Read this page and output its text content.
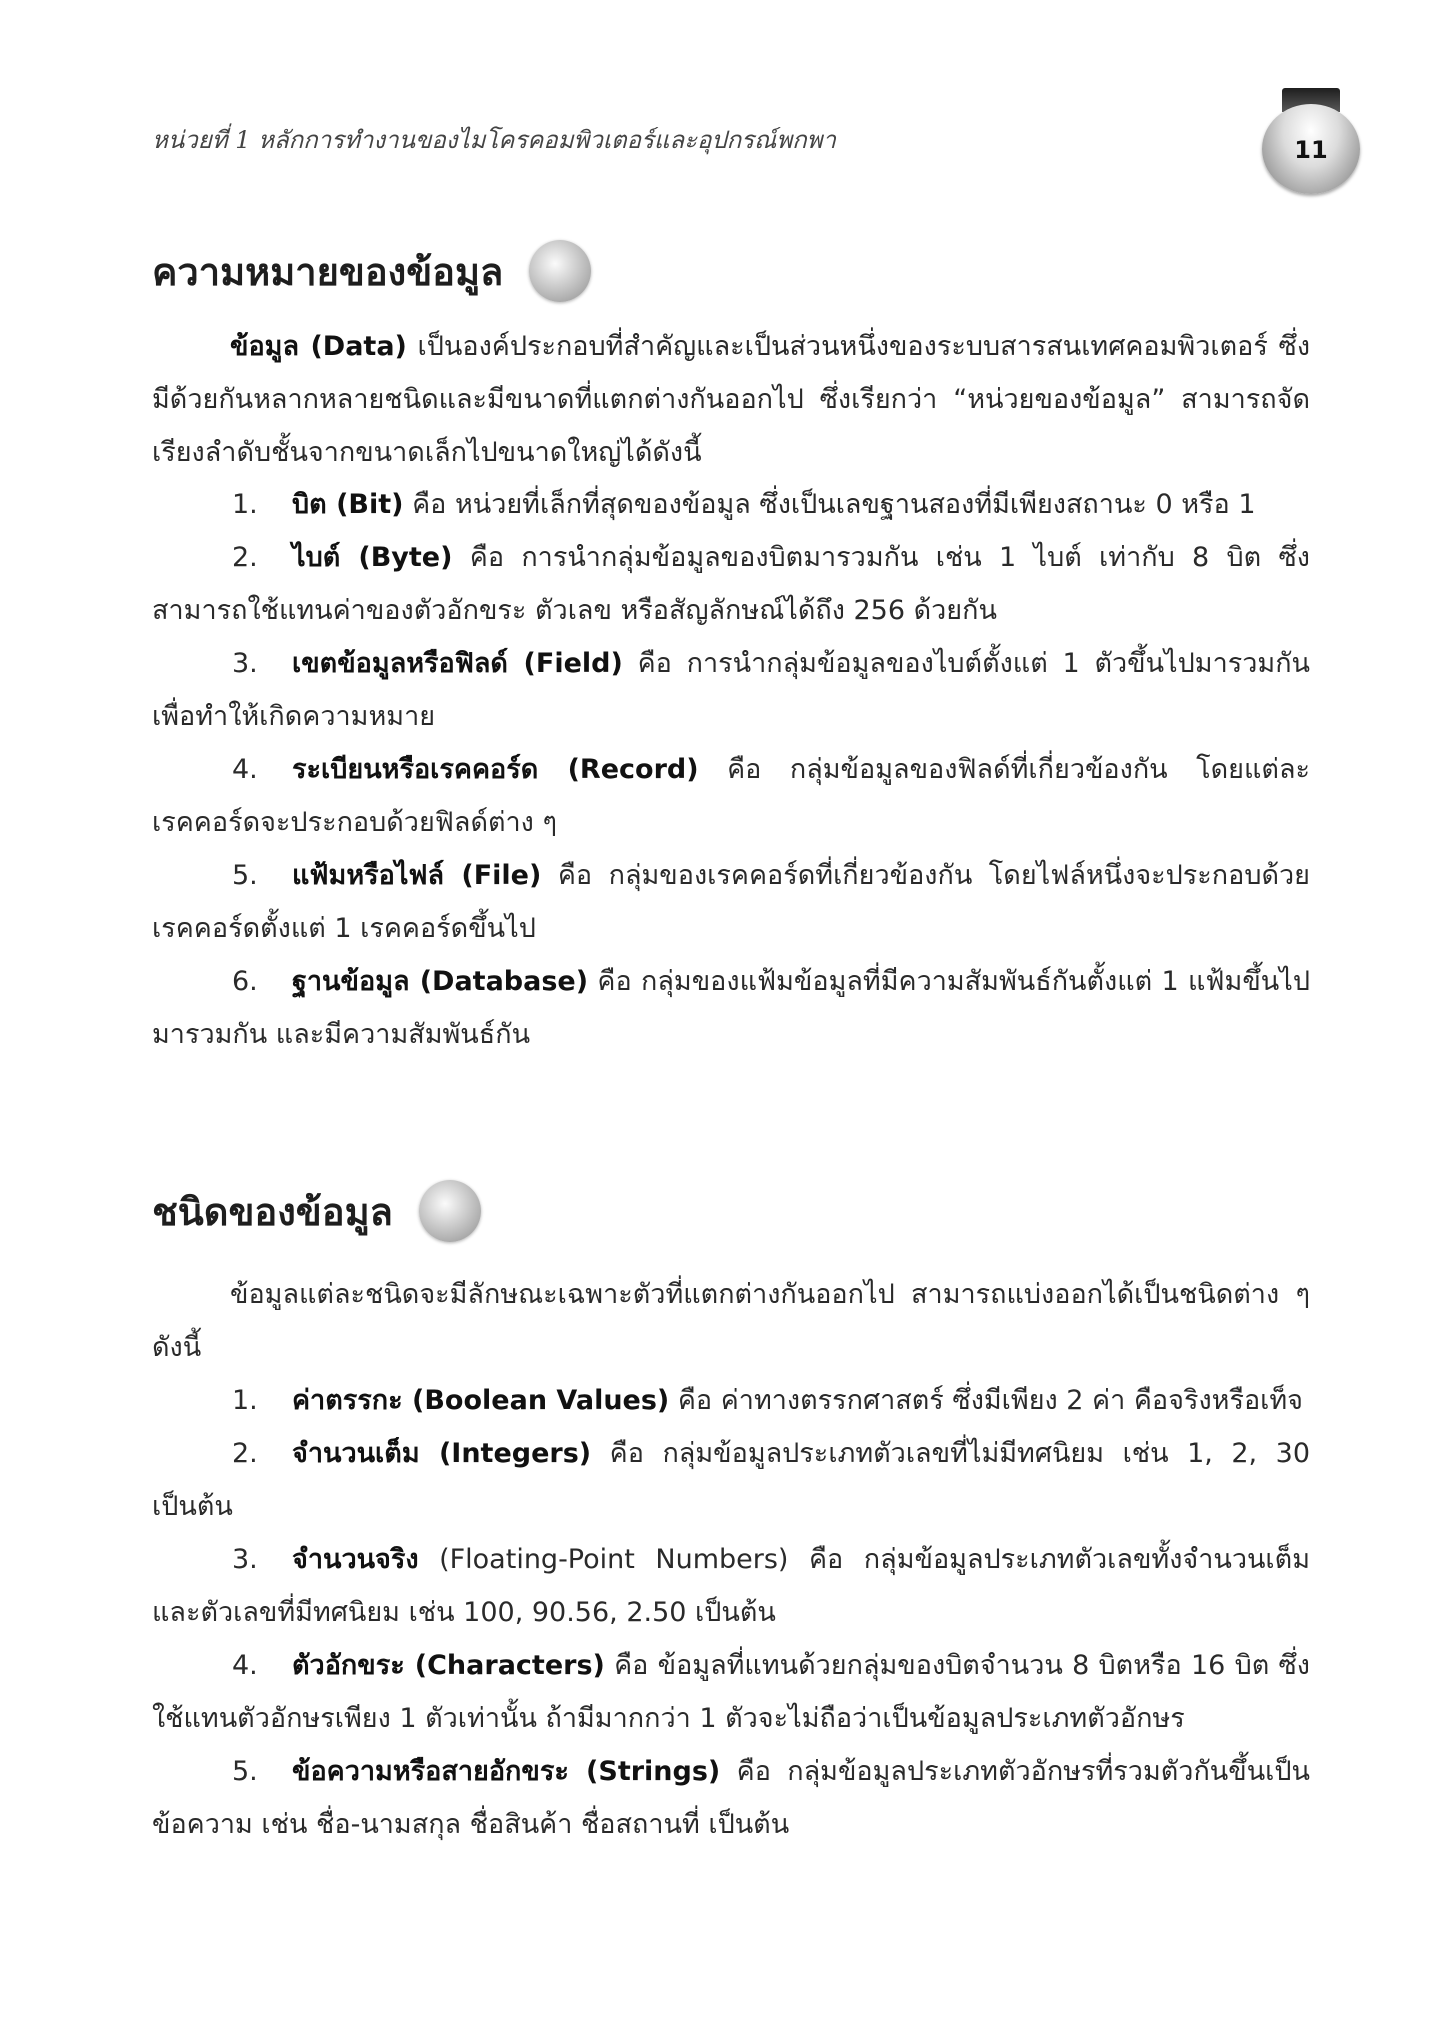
หน่วยที่ 1 หลักการทำงานของไมโครคอมพิวเตอร์และอุปกรณ์พกพา	11
ความหมายของข้อมูล

ข้อมูล (Data) เป็นองค์ประกอบที่สำคัญและเป็นส่วนหนึ่งของระบบสารสนเทศคอมพิวเตอร์ ซึ่งมีด้วยกันหลากหลายชนิดและมีขนาดที่แตกต่างกันออกไป ซึ่งเรียกว่า “หน่วยของข้อมูล” สามารถจัดเรียงลำดับชั้นจากขนาดเล็กไปขนาดใหญ่ได้ดังนี้

1. บิต (Bit) คือ หน่วยที่เล็กที่สุดของข้อมูล ซึ่งเป็นเลขฐานสองที่มีเพียงสถานะ 0 หรือ 1

2. ไบต์ (Byte) คือ การนำกลุ่มข้อมูลของบิตมารวมกัน เช่น 1 ไบต์ เท่ากับ 8 บิต ซึ่งสามารถใช้แทนค่าของตัวอักขระ ตัวเลข หรือสัญลักษณ์ได้ถึง 256 ด้วยกัน

3. เขตข้อมูลหรือฟิลด์ (Field) คือ การนำกลุ่มข้อมูลของไบต์ตั้งแต่ 1 ตัวขึ้นไปมารวมกันเพื่อทำให้เกิดความหมาย

4. ระเบียนหรือเรคคอร์ด (Record) คือ กลุ่มข้อมูลของฟิลด์ที่เกี่ยวข้องกัน โดยแต่ละเรคคอร์ดจะประกอบด้วยฟิลด์ต่าง ๆ

5. แฟ้มหรือไฟล์ (File) คือ กลุ่มของเรคคอร์ดที่เกี่ยวข้องกัน โดยไฟล์หนึ่งจะประกอบด้วยเรคคอร์ดตั้งแต่ 1 เรคคอร์ดขึ้นไป

6. ฐานข้อมูล (Database) คือ กลุ่มของแฟ้มข้อมูลที่มีความสัมพันธ์กันตั้งแต่ 1 แฟ้มขึ้นไปมารวมกัน และมีความสัมพันธ์กัน

ชนิดของข้อมูล

ข้อมูลแต่ละชนิดจะมีลักษณะเฉพาะตัวที่แตกต่างกันออกไป สามารถแบ่งออกได้เป็นชนิดต่าง ๆ ดังนี้

1. ค่าตรรกะ (Boolean Values) คือ ค่าทางตรรกศาสตร์ ซึ่งมีเพียง 2 ค่า คือจริงหรือเท็จ

2. จำนวนเต็ม (Integers) คือ กลุ่มข้อมูลประเภทตัวเลขที่ไม่มีทศนิยม เช่น 1, 2, 30 เป็นต้น

3. จำนวนจริง (Floating-Point Numbers) คือ กลุ่มข้อมูลประเภทตัวเลขทั้งจำนวนเต็มและตัวเลขที่มีทศนิยม เช่น 100, 90.56, 2.50 เป็นต้น

4. ตัวอักขระ (Characters) คือ ข้อมูลที่แทนด้วยกลุ่มของบิตจำนวน 8 บิตหรือ 16 บิต ซึ่งใช้แทนตัวอักษรเพียง 1 ตัวเท่านั้น ถ้ามีมากกว่า 1 ตัวจะไม่ถือว่าเป็นข้อมูลประเภทตัวอักษร

5. ข้อความหรือสายอักขระ (Strings) คือ กลุ่มข้อมูลประเภทตัวอักษรที่รวมตัวกันขึ้นเป็นข้อความ เช่น ชื่อ-นามสกุล ชื่อสินค้า ชื่อสถานที่ เป็นต้น
